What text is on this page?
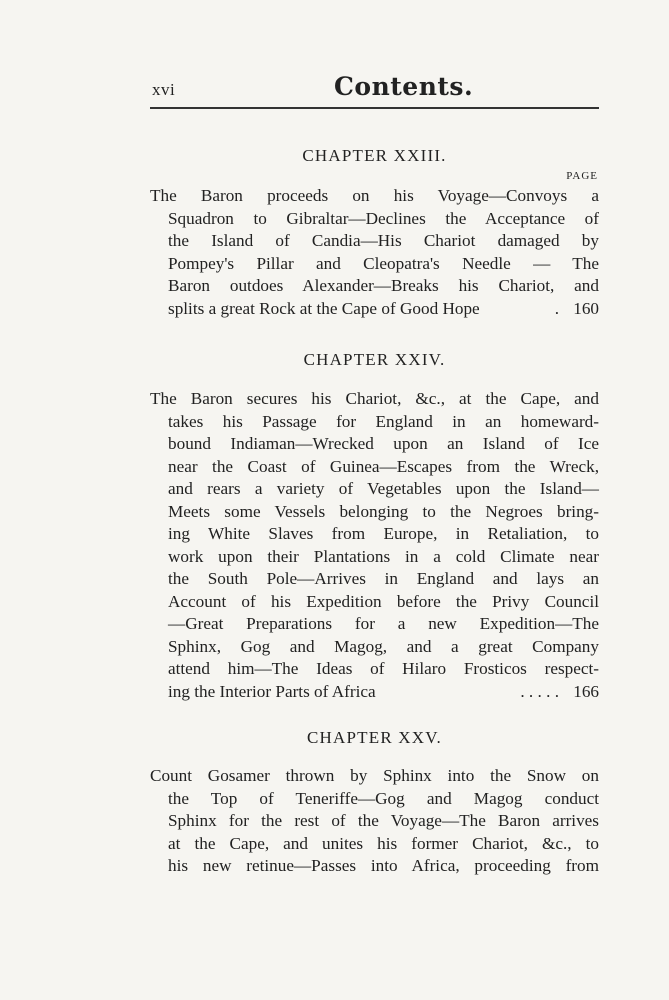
xvi	Contents.
CHAPTER XXIII.
PAGE
The Baron proceeds on his Voyage—Convoys a
Squadron to Gibraltar—Declines the Acceptance of
the Island of Candia—His Chariot damaged by
Pompey's Pillar and Cleopatra's Needle — The
Baron outdoes Alexander—Breaks his Chariot, and
splits a great Rock at the Cape of Good Hope	. 160
CHAPTER XXIV.
The Baron secures his Chariot, &c., at the Cape, and
takes his Passage for England in an homeward-
bound Indiaman—Wrecked upon an Island of Ice
near the Coast of Guinea—Escapes from the Wreck,
and rears a variety of Vegetables upon the Island—
Meets some Vessels belonging to the Negroes bring-
ing White Slaves from Europe, in Retaliation, to
work upon their Plantations in a cold Climate near
the South Pole—Arrives in England and lays an
Account of his Expedition before the Privy Council
—Great Preparations for a new Expedition—The
Sphinx, Gog and Magog, and a great Company
attend him—The Ideas of Hilaro Frosticos respect-
ing the Interior Parts of Africa	. . . . . 166
CHAPTER XXV.
Count Gosamer thrown by Sphinx into the Snow on
the Top of Teneriffe—Gog and Magog conduct
Sphinx for the rest of the Voyage—The Baron arrives
at the Cape, and unites his former Chariot, &c., to
his new retinue—Passes into Africa, proceeding from
